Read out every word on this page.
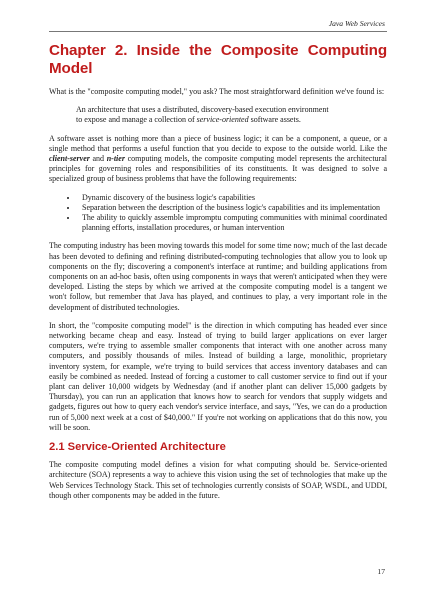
Java Web Services
Chapter 2. Inside the Composite Computing Model

What is the "composite computing model," you ask? The most straightforward definition we've found is:

An architecture that uses a distributed, discovery-based execution environment
to expose and manage a collection of service-oriented software assets.

A software asset is nothing more than a piece of business logic; it can be a component, a queue, or a single method that performs a useful function that you decide to expose to the outside world. Like the client-server and n-tier computing models, the composite computing model represents the architectural principles for governing roles and responsibilities of its constituents. It was designed to solve a specialized group of business problems that have the following requirements:

• Dynamic discovery of the business logic's capabilities
• Separation between the description of the business logic's capabilities and its implementation
• The ability to quickly assemble impromptu computing communities with minimal coordinated planning efforts, installation procedures, or human intervention

The computing industry has been moving towards this model for some time now; much of the last decade has been devoted to defining and refining distributed-computing technologies that allow you to look up components on the fly; discovering a component's interface at runtime; and building applications from components on an ad-hoc basis, often using components in ways that weren't anticipated when they were developed. Listing the steps by which we arrived at the composite computing model is a tangent we won't follow, but remember that Java has played, and continues to play, a very important role in the development of distributed technologies.

In short, the "composite computing model" is the direction in which computing has headed ever since networking became cheap and easy. Instead of trying to build larger applications on ever larger computers, we're trying to assemble smaller components that interact with one another across many computers, and possibly thousands of miles. Instead of building a large, monolithic, proprietary inventory system, for example, we're trying to build services that access inventory databases and can easily be combined as needed. Instead of forcing a customer to call customer service to find out if your plant can deliver 10,000 widgets by Wednesday (and if another plant can deliver 15,000 gadgets by Thursday), you can run an application that knows how to search for vendors that supply widgets and gadgets, figures out how to query each vendor's service interface, and says, "Yes, we can do a production run of 5,000 next week at a cost of $40,000." If you're not working on applications that do this now, you will be soon.

2.1 Service-Oriented Architecture

The composite computing model defines a vision for what computing should be. Service-oriented architecture (SOA) represents a way to achieve this vision using the set of technologies that make up the Web Services Technology Stack. This set of technologies currently consists of SOAP, WSDL, and UDDI, though other components may be added in the future.

17
